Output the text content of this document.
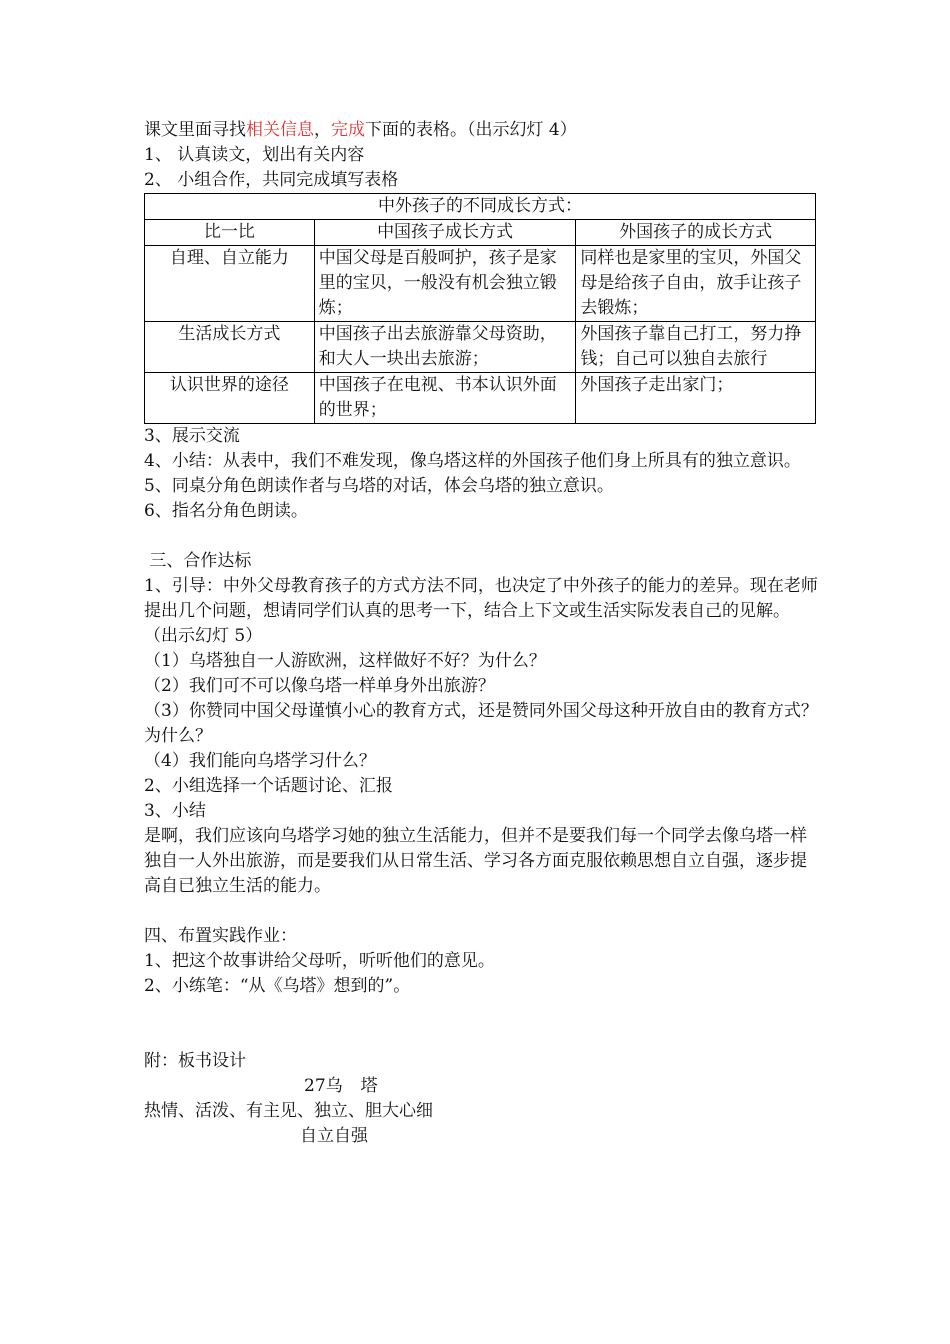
课文里面寻找相关信息，完成下面的表格。（出示幻灯 4）
1、 认真读文，划出有关内容
2、 小组合作，共同完成填写表格
中外孩子的不同成长方式：		
比一比	中国孩子成长方式	外国孩子的成长方式
自理、自立能力	中国父母是百般呵护，孩子是家里的宝贝，一般没有机会独立锻炼；	同样也是家里的宝贝，外国父母是给孩子自由，放手让孩子去锻炼；
生活成长方式	中国孩子出去旅游靠父母资助，和大人一块出去旅游；	外国孩子靠自己打工，努力挣钱；自己可以独自去旅行
认识世界的途径	中国孩子在电视、书本认识外面的世界；	外国孩子走出家门；
3、展示交流
4、小结：从表中，我们不难发现，像乌塔这样的外国孩子他们身上所具有的独立意识。
5、同桌分角色朗读作者与乌塔的对话，体会乌塔的独立意识。
6、指名分角色朗读。
三、合作达标
1、引导：中外父母教育孩子的方式方法不同，也决定了中外孩子的能力的差异。现在老师提出几个问题，想请同学们认真的思考一下，结合上下文或生活实际发表自己的见解。
（出示幻灯 5）
（1）乌塔独自一人游欧洲，这样做好不好？为什么？
（2）我们可不可以像乌塔一样单身外出旅游？
（3）你赞同中国父母谨慎小心的教育方式，还是赞同外国父母这种开放自由的教育方式？为什么？
（4）我们能向乌塔学习什么？
2、小组选择一个话题讨论、汇报
3、小结
是啊，我们应该向乌塔学习她的独立生活能力，但并不是要我们每一个同学去像乌塔一样独自一人外出旅游，而是要我们从日常生活、学习各方面克服依赖思想自立自强，逐步提高自已独立生活的能力。
四、布置实践作业：
1、把这个故事讲给父母听，听听他们的意见。
2、小练笔：“从《乌塔》想到的”。
附：板书设计
27乌 塔
热情、活泼、有主见、独立、胆大心细
自立自强
